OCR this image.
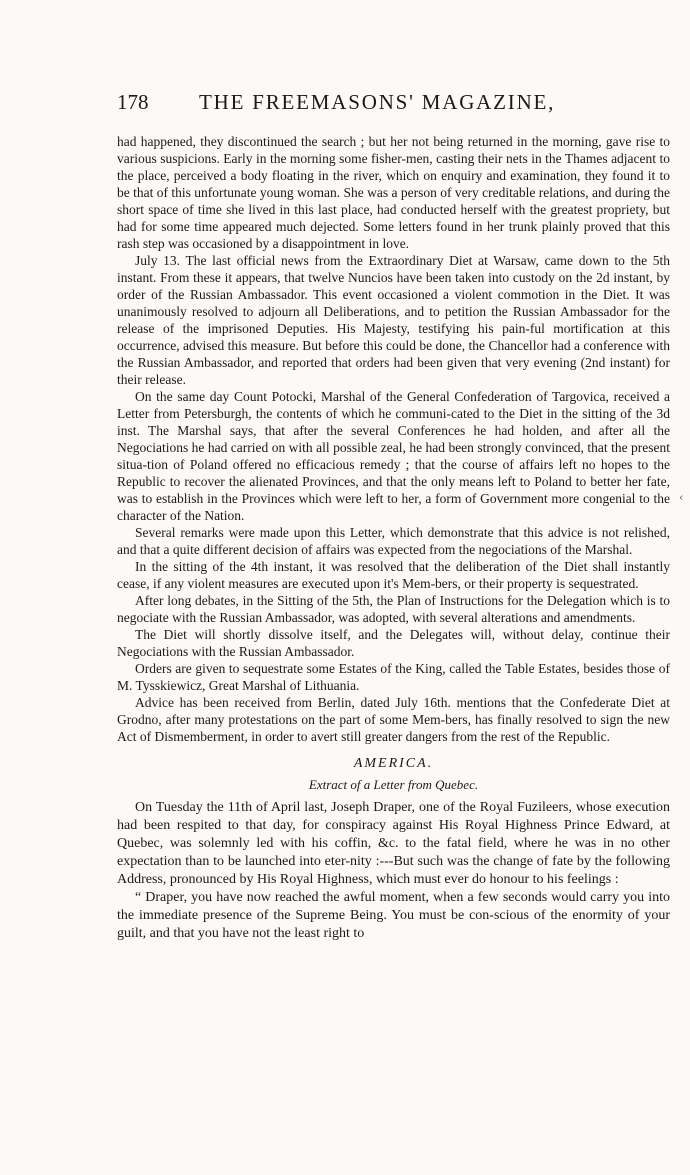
178 THE FREEMASONS' MAGAZINE,

had happened, they discontinued the search ; but her not being returned in the morning, gave rise to various suspicions. Early in the morning some fisher-men, casting their nets in the Thames adjacent to the place, perceived a body floating in the river, which on enquiry and examination, they found it to be that of this unfortunate young woman. She was a person of very creditable relations, and during the short space of time she lived in this last place, had conducted herself with the greatest propriety, but had for some time appeared much dejected. Some letters found in her trunk plainly proved that this rash step was occasioned by a disappointment in love.

July 13. The last official news from the Extraordinary Diet at Warsaw, came down to the 5th instant. From these it appears, that twelve Nuncios have been taken into custody on the 2d instant, by order of the Russian Ambassador. This event occasioned a violent commotion in the Diet. It was unanimously resolved to adjourn all Deliberations, and to petition the Russian Ambassador for the release of the imprisoned Deputies. His Majesty, testifying his pain-ful mortification at this occurrence, advised this measure. But before this could be done, the Chancellor had a conference with the Russian Ambassador, and reported that orders had been given that very evening (2nd instant) for their release.

On the same day Count Potocki, Marshal of the General Confederation of Targovica, received a Letter from Petersburgh, the contents of which he communi-cated to the Diet in the sitting of the 3d inst. The Marshal says, that after the several Conferences he had holden, and after all the Negociations he had carried on with all possible zeal, he had been strongly convinced, that the present situa-tion of Poland offered no efficacious remedy ; that the course of affairs left no hopes to the Republic to recover the alienated Provinces, and that the only means left to Poland to better her fate, was to establish in the Provinces which were left to her, a form of Government more congenial to the character of the Nation.

Several remarks were made upon this Letter, which demonstrate that this advice is not relished, and that a quite different decision of affairs was expected from the negociations of the Marshal.

In the sitting of the 4th instant, it was resolved that the deliberation of the Diet shall instantly cease, if any violent measures are executed upon it's Mem-bers, or their property is sequestrated.

After long debates, in the Sitting of the 5th, the Plan of Instructions for the Delegation which is to negociate with the Russian Ambassador, was adopted, with several alterations and amendments.

The Diet will shortly dissolve itself, and the Delegates will, without delay, continue their Negociations with the Russian Ambassador.

Orders are given to sequestrate some Estates of the King, called the Table Estates, besides those of M. Tysskiewicz, Great Marshal of Lithuania.

Advice has been received from Berlin, dated July 16th. mentions that the Confederate Diet at Grodno, after many protestations on the part of some Mem-bers, has finally resolved to sign the new Act of Dismemberment, in order to avert still greater dangers from the rest of the Republic.

AMERICA.

Extract of a Letter from Quebec.

On Tuesday the 11th of April last, Joseph Draper, one of the Royal Fuzileers, whose execution had been respited to that day, for conspiracy against His Royal Highness Prince Edward, at Quebec, was solemnly led with his coffin, &c. to the fatal field, where he was in no other expectation than to be launched into eter-nity :---But such was the change of fate by the following Address, pronounced by His Royal Highness, which must ever do honour to his feelings :

“ Draper, you have now reached the awful moment, when a few seconds would carry you into the immediate presence of the Supreme Being. You must be con-scious of the enormity of your guilt, and that you have not the least right to

‹
